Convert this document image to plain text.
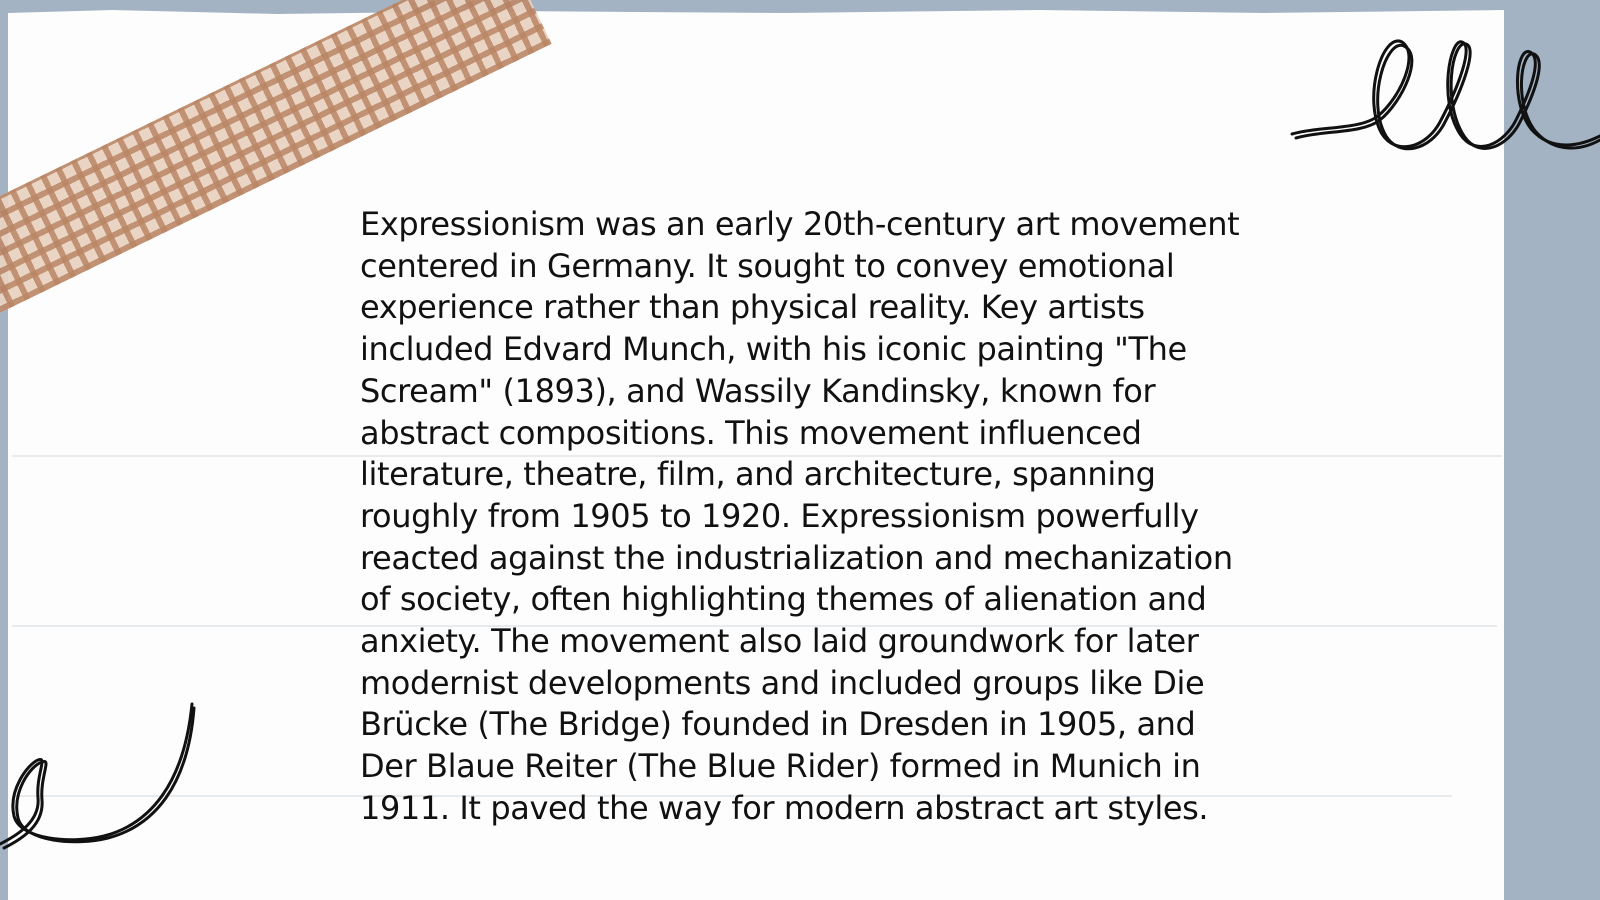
Expressionism was an early 20th-century art movement centered in Germany. It sought to convey emotional experience rather than physical reality. Key artists included Edvard Munch, with his iconic painting "The Scream" (1893), and Wassily Kandinsky, known for abstract compositions. This movement influenced literature, theatre, film, and architecture, spanning roughly from 1905 to 1920. Expressionism powerfully reacted against the industrialization and mechanization of society, often highlighting themes of alienation and anxiety. The movement also laid groundwork for later modernist developments and included groups like Die Brücke (The Bridge) founded in Dresden in 1905, and Der Blaue Reiter (The Blue Rider) formed in Munich in 1911. It paved the way for modern abstract art styles.
